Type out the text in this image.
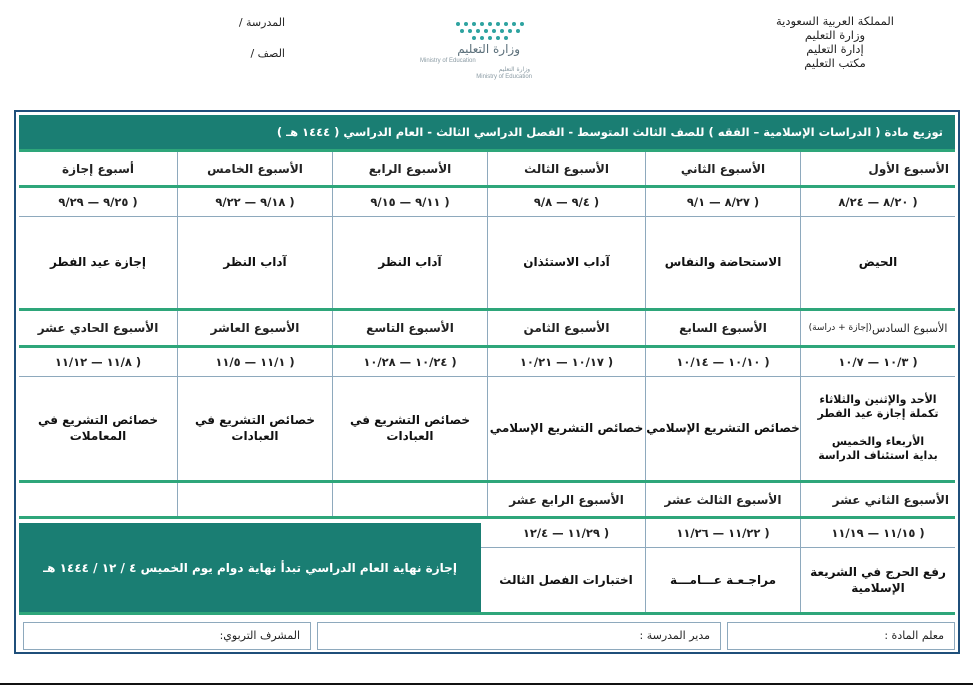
المملكة العربية السعودية
وزارة التعليم
إدارة التعليم
مكتب التعليم
وزارة التعليم
Ministry of Education
وزارة التعليم
Ministry of Education
المدرسة /
الصف /
توزيع مادة ( الدراسات الإسلامية – الفقه ) للصف الثالث المتوسط - الفصل الدراسي الثالث - العام الدراسي ( ١٤٤٤ هـ )
الأسبوع الأول
الأسبوع الثاني
الأسبوع الثالث
الأسبوع الرابع
الأسبوع الخامس
أسبوع إجازة
( ٨/٢٠ — ٨/٢٤
( ٨/٢٧ — ٩/١
( ٩/٤ — ٩/٨
( ٩/١١ — ٩/١٥
( ٩/١٨ — ٩/٢٢
( ٩/٢٥ — ٩/٢٩
الحيض
الاستحاضة والنفاس
آداب الاستئذان
آداب النظر
آداب النظر
إجازة عيد الفطر
الأسبوع السادس
(إجازة + دراسة)
الأسبوع السابع
الأسبوع الثامن
الأسبوع التاسع
الأسبوع العاشر
الأسبوع الحادي عشر
( ١٠/٣ — ١٠/٧
( ١٠/١٠ — ١٠/١٤
( ١٠/١٧ — ١٠/٢١
( ١٠/٢٤ — ١٠/٢٨
( ١١/١ — ١١/٥
( ١١/٨ — ١١/١٢
الأحد والإثنين والثلاثاء
تكملة إجازة عيد الفطر
الأربعاء والخميس
بداية استئناف الدراسة
خصائص التشريع الإسلامي
خصائص التشريع الإسلامي
خصائص التشريع في العبادات
خصائص التشريع في العبادات
خصائص التشريع في المعاملات
الأسبوع الثاني عشر
الأسبوع الثالث عشر
الأسبوع الرابع عشر
( ١١/١٥ — ١١/١٩
( ١١/٢٢ — ١١/٢٦
( ١١/٢٩ — ١٢/٤
رفع الحرج في الشريعة الإسلامية
مراجـعـة عـــامـــة
اختبارات الفصل الثالث
إجازة نهاية العام الدراسي تبدأ نهاية دوام يوم الخميس ٤ / ١٢ / ١٤٤٤ هـ
معلم المادة :
مدير المدرسة :
المشرف التربوي:
